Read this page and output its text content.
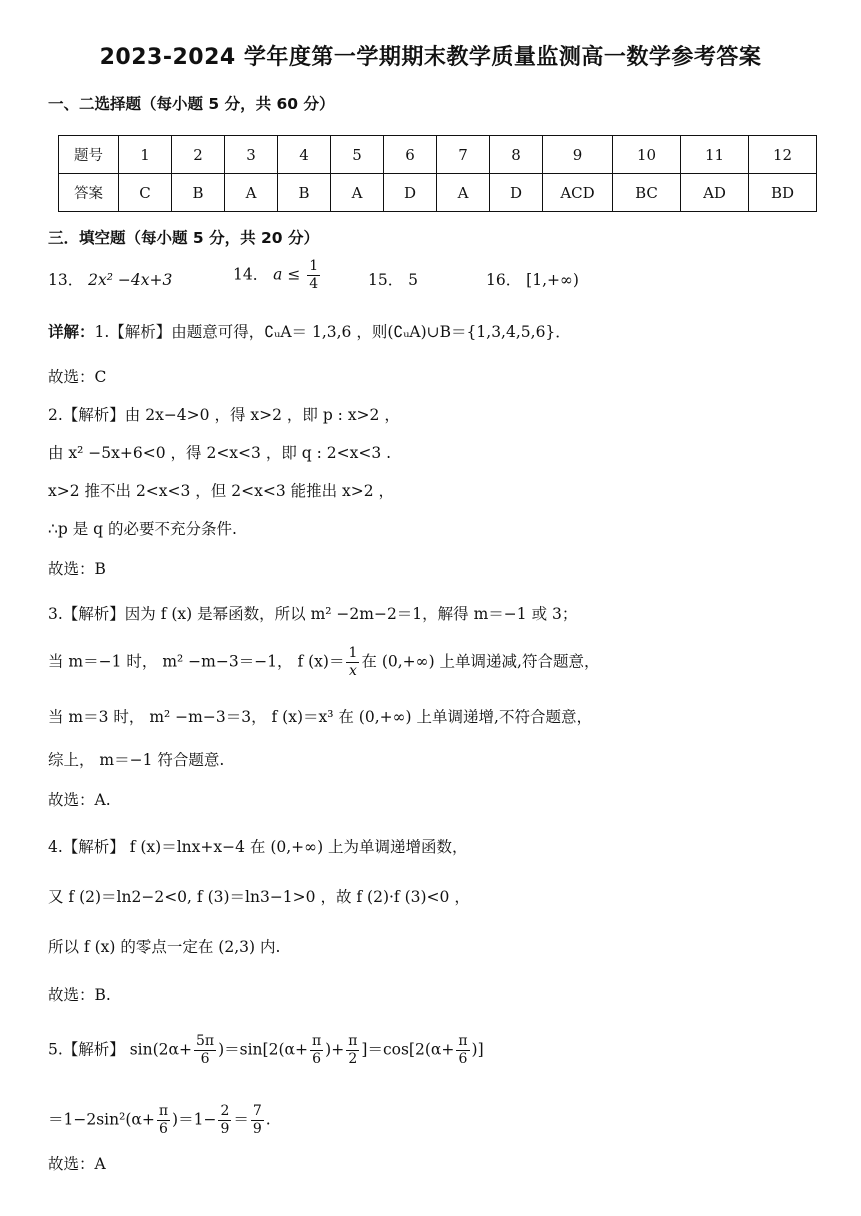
2023-2024 学年度第一学期期末教学质量监测高一数学参考答案
一、二选择题（每小题 5 分，共 60 分）
题号	1	2	3	4	5	6	7	8	9	10	11	12
答案	C	B	A	B	A	D	A	D	ACD	BC	AD	BD
三．填空题（每小题 5 分，共 20 分）
13． 2x² −4x+3	14． $a \le \frac{1}{4}$	15． 5	16． [1,+∞)
详解：1.【解析】由题意可得，∁ᵤA＝ 1,3,6 ，则(∁ᵤA)∪B＝{1,3,4,5,6}．
故选：C
2.【解析】由 2x−4>0 ，得 x>2 ，即 p : x>2 ，
由 x² −5x+6<0 ，得 2<x<3 ，即 q : 2<x<3 .
x>2 推不出 2<x<3 ，但 2<x<3 能推出 x>2 ，
∴p 是 q 的必要不充分条件.
故选：B
3.【解析】因为 f (x) 是幂函数，所以 m² −2m−2＝1，解得 m＝−1 或 3；
当 m＝−1 时， m² −m−3＝−1， f $(x)= \frac{1}{x}$ 在 (0,+∞) 上单调递减,符合题意，
当 m＝3 时， m² −m−3＝3， f (x)＝x³ 在 (0,+∞) 上单调递增,不符合题意，
综上， m＝−1 符合题意.
故选：A.
4.【解析】 f (x)＝lnx+x−4 在 (0,+∞) 上为单调递增函数，
又 f (2)＝ln2−2<0, f (3)＝ln3−1>0 ，故 f (2)·f (3)<0 ，
所以 f (x) 的零点一定在 (2,3) 内.
故选：B.
5.【解析】 $\sin(2\alpha+ \frac{5\pi}{6} )=\sin[2(\alpha+ \frac{\pi}{6}$ )+ $\frac{\pi}{2} ]=\cos[2(\alpha+ \frac{\pi}{6}$ )]
$=1-2\sin^2(\alpha+ \frac{\pi}{6} )=1- \frac{2}{9} = \frac{7}{9}$ .
故选：A
